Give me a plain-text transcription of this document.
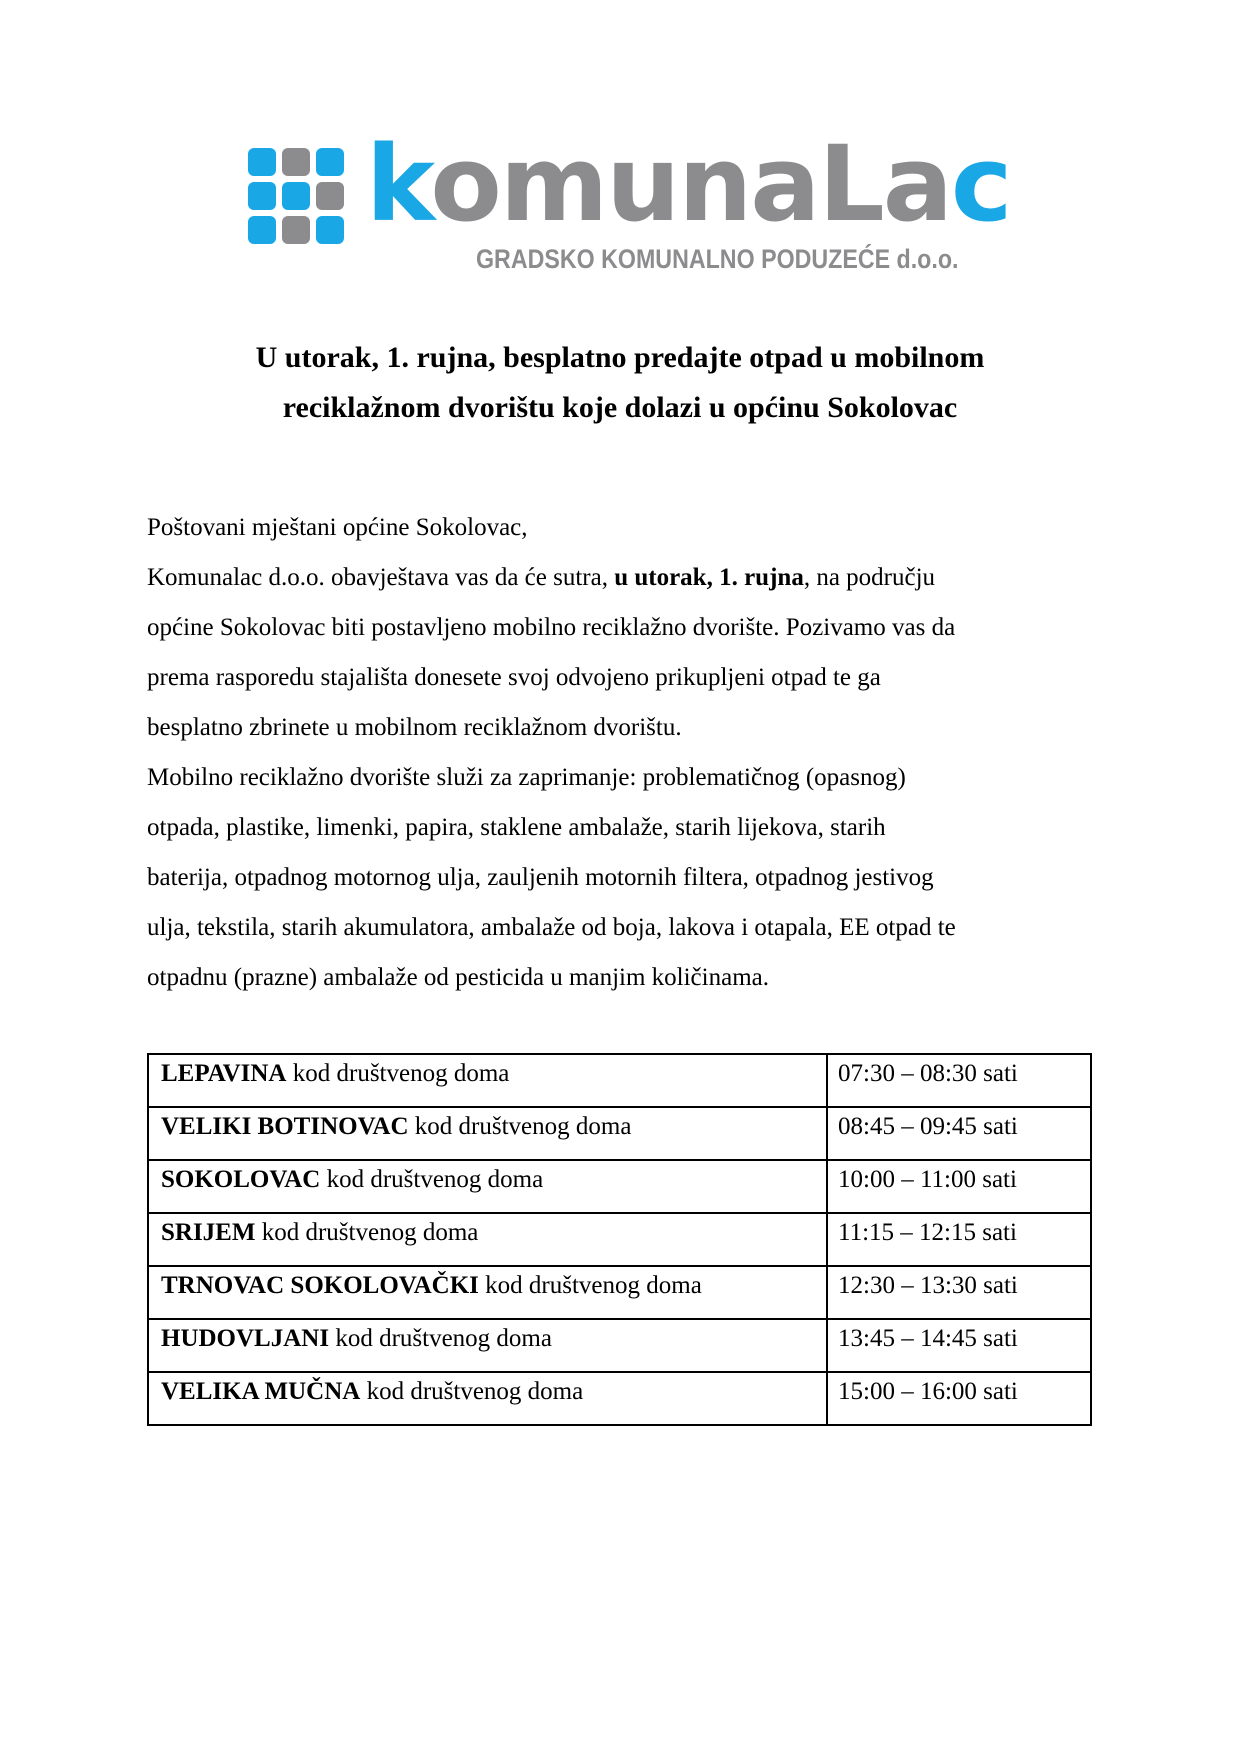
komunaLac
GRADSKO KOMUNALNO PODUZEĆE d.o.o.
U utorak, 1. rujna, besplatno predajte otpad u mobilnom
reciklažnom dvorištu koje dolazi u općinu Sokolovac
Poštovani mještani općine Sokolovac,
Komunalac d.o.o. obavještava vas da će sutra, u utorak, 1. rujna, na području
općine Sokolovac biti postavljeno mobilno reciklažno dvorište. Pozivamo vas da
prema rasporedu stajališta donesete svoj odvojeno prikupljeni otpad te ga
besplatno zbrinete u mobilnom reciklažnom dvorištu.
Mobilno reciklažno dvorište služi za zaprimanje: problematičnog (opasnog)
otpada, plastike, limenki, papira, staklene ambalaže, starih lijekova, starih
baterija, otpadnog motornog ulja, zauljenih motornih filtera, otpadnog jestivog
ulja, tekstila, starih akumulatora, ambalaže od boja, lakova i otapala, EE otpad te
otpadnu (prazne) ambalaže od pesticida u manjim količinama.
LEPAVINA kod društvenog doma	07:30 – 08:30 sati
VELIKI BOTINOVAC kod društvenog doma	08:45 – 09:45 sati
SOKOLOVAC kod društvenog doma	10:00 – 11:00 sati
SRIJEM kod društvenog doma	11:15 – 12:15 sati
TRNOVAC SOKOLOVAČKI kod društvenog doma	12:30 – 13:30 sati
HUDOVLJANI kod društvenog doma	13:45 – 14:45 sati
VELIKA MUČNA kod društvenog doma	15:00 – 16:00 sati
